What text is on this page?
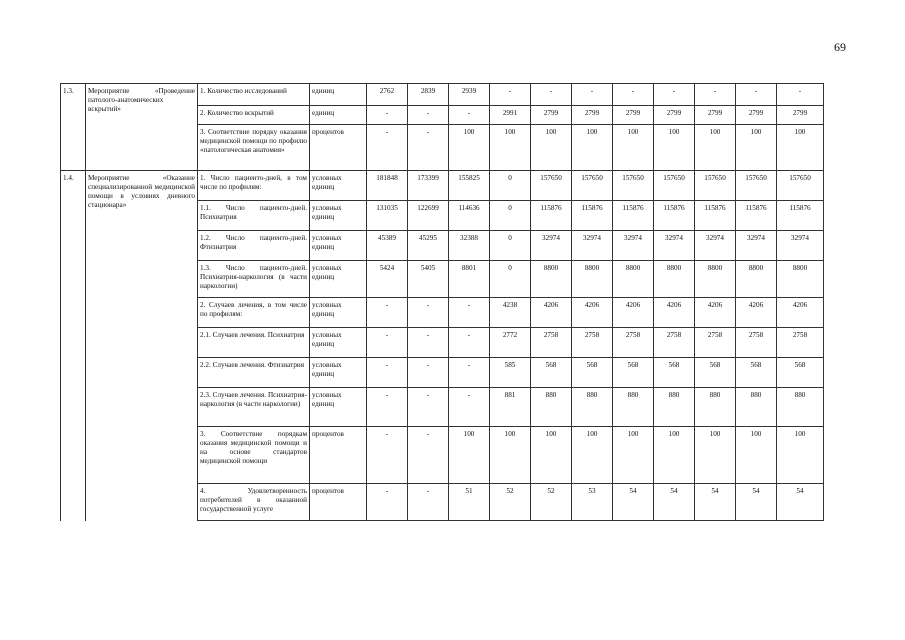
69
1.3.	Мероприятие «Проведение патолого-анатомических вскрытий»	1. Количество исследований	единиц	2762	2839	2939	-	-	-	-	-	-	-	-
		2. Количество вскрытий	единиц	-	-	-	2991	2799	2799	2799	2799	2799	2799	2799
		3. Соответствие порядку оказания медицинской помощи по профилю «патологическая анатомия»	процентов	-	-	100	100	100	100	100	100	100	100	100
1.4.	Мероприятие «Оказание специализированной медицинской помощи в условиях дневного стационара»	1. Число пациенто-дней, в том числе по профилям:	условных единиц	181848	173399	155825	0	157650	157650	157650	157650	157650	157650	157650
		1.1. Число пациенто-дней. Психиатрия	условных единиц	131035	122699	114636	0	115876	115876	115876	115876	115876	115876	115876
		1.2. Число пациенто-дней. Фтизиатрия	условных единиц	45389	45295	32388	0	32974	32974	32974	32974	32974	32974	32974
		1.3. Число пациенто-дней. Психиатрия-наркология (в части наркологии)	условных единиц	5424	5405	8801	0	8800	8800	8800	8800	8800	8800	8800
		2. Случаев лечения, в том числе по профилям:	условных единиц	-	-	-	4238	4206	4206	4206	4206	4206	4206	4206
		2.1. Случаев лечения. Психиатрия	условных единиц	-	-	-	2772	2758	2758	2758	2758	2758	2758	2758
		2.2. Случаев лечения. Фтизиатрия	условных единиц	-	-	-	585	568	568	568	568	568	568	568
		2.3. Случаев лечения. Психиатрия-наркология (в части наркологии)	условных единиц	-	-	-	881	880	880	880	880	880	880	880
		3. Соответствие порядкам оказания медицинской помощи и на основе стандартов медицинской помощи	процентов	-	-	100	100	100	100	100	100	100	100	100
		4. Удовлетворенность потребителей в оказанной государственной услуге	процентов	-	-	51	52	52	53	54	54	54	54	54
